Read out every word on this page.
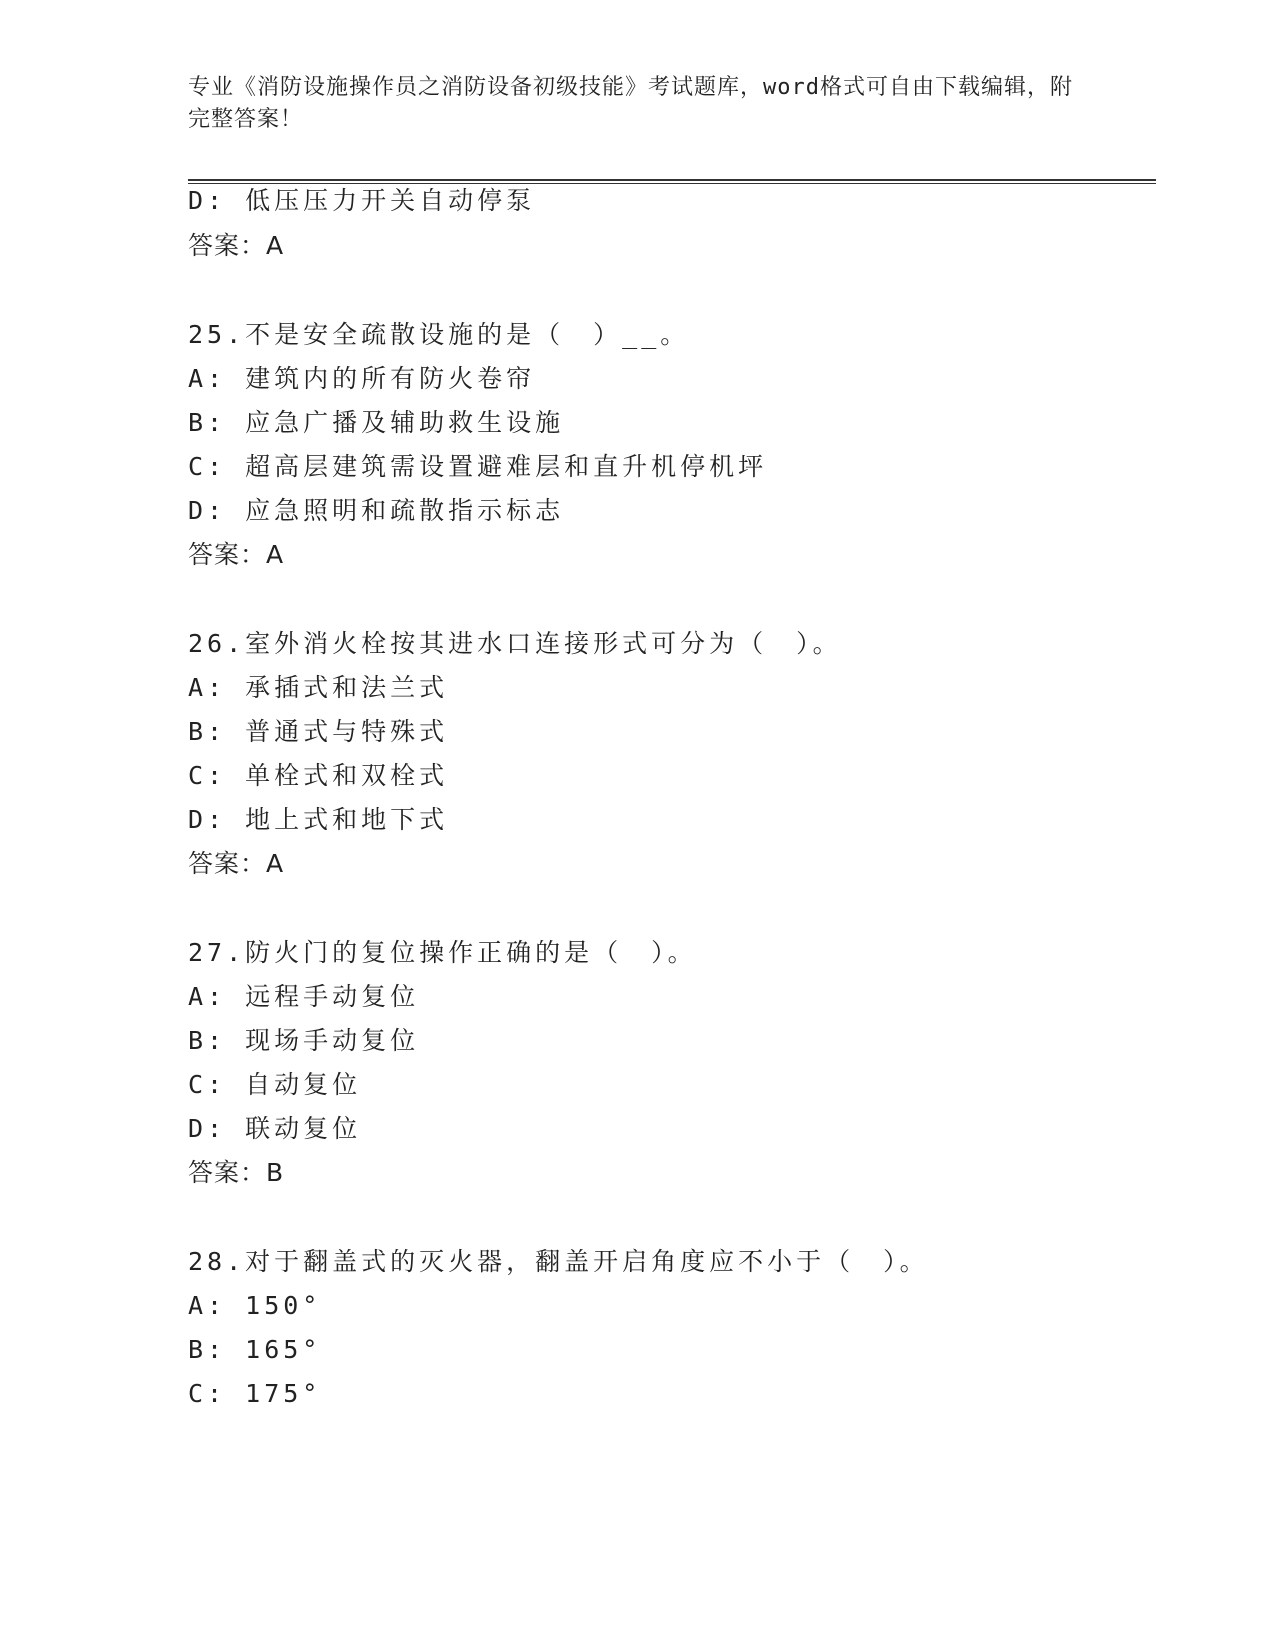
专业《消防设施操作员之消防设备初级技能》考试题库，word格式可自由下载编辑，附完整答案！
D: 低压压力开关自动停泵
答案：A
25.不是安全疏散设施的是（　）__。
A: 建筑内的所有防火卷帘
B: 应急广播及辅助救生设施
C: 超高层建筑需设置避难层和直升机停机坪
D: 应急照明和疏散指示标志
答案：A
26.室外消火栓按其进水口连接形式可分为（　）。
A: 承插式和法兰式
B: 普通式与特殊式
C: 单栓式和双栓式
D: 地上式和地下式
答案：A
27.防火门的复位操作正确的是（　）。
A: 远程手动复位
B: 现场手动复位
C: 自动复位
D: 联动复位
答案：B
28.对于翻盖式的灭火器，翻盖开启角度应不小于（　）。
A: 150°
B: 165°
C: 175°
